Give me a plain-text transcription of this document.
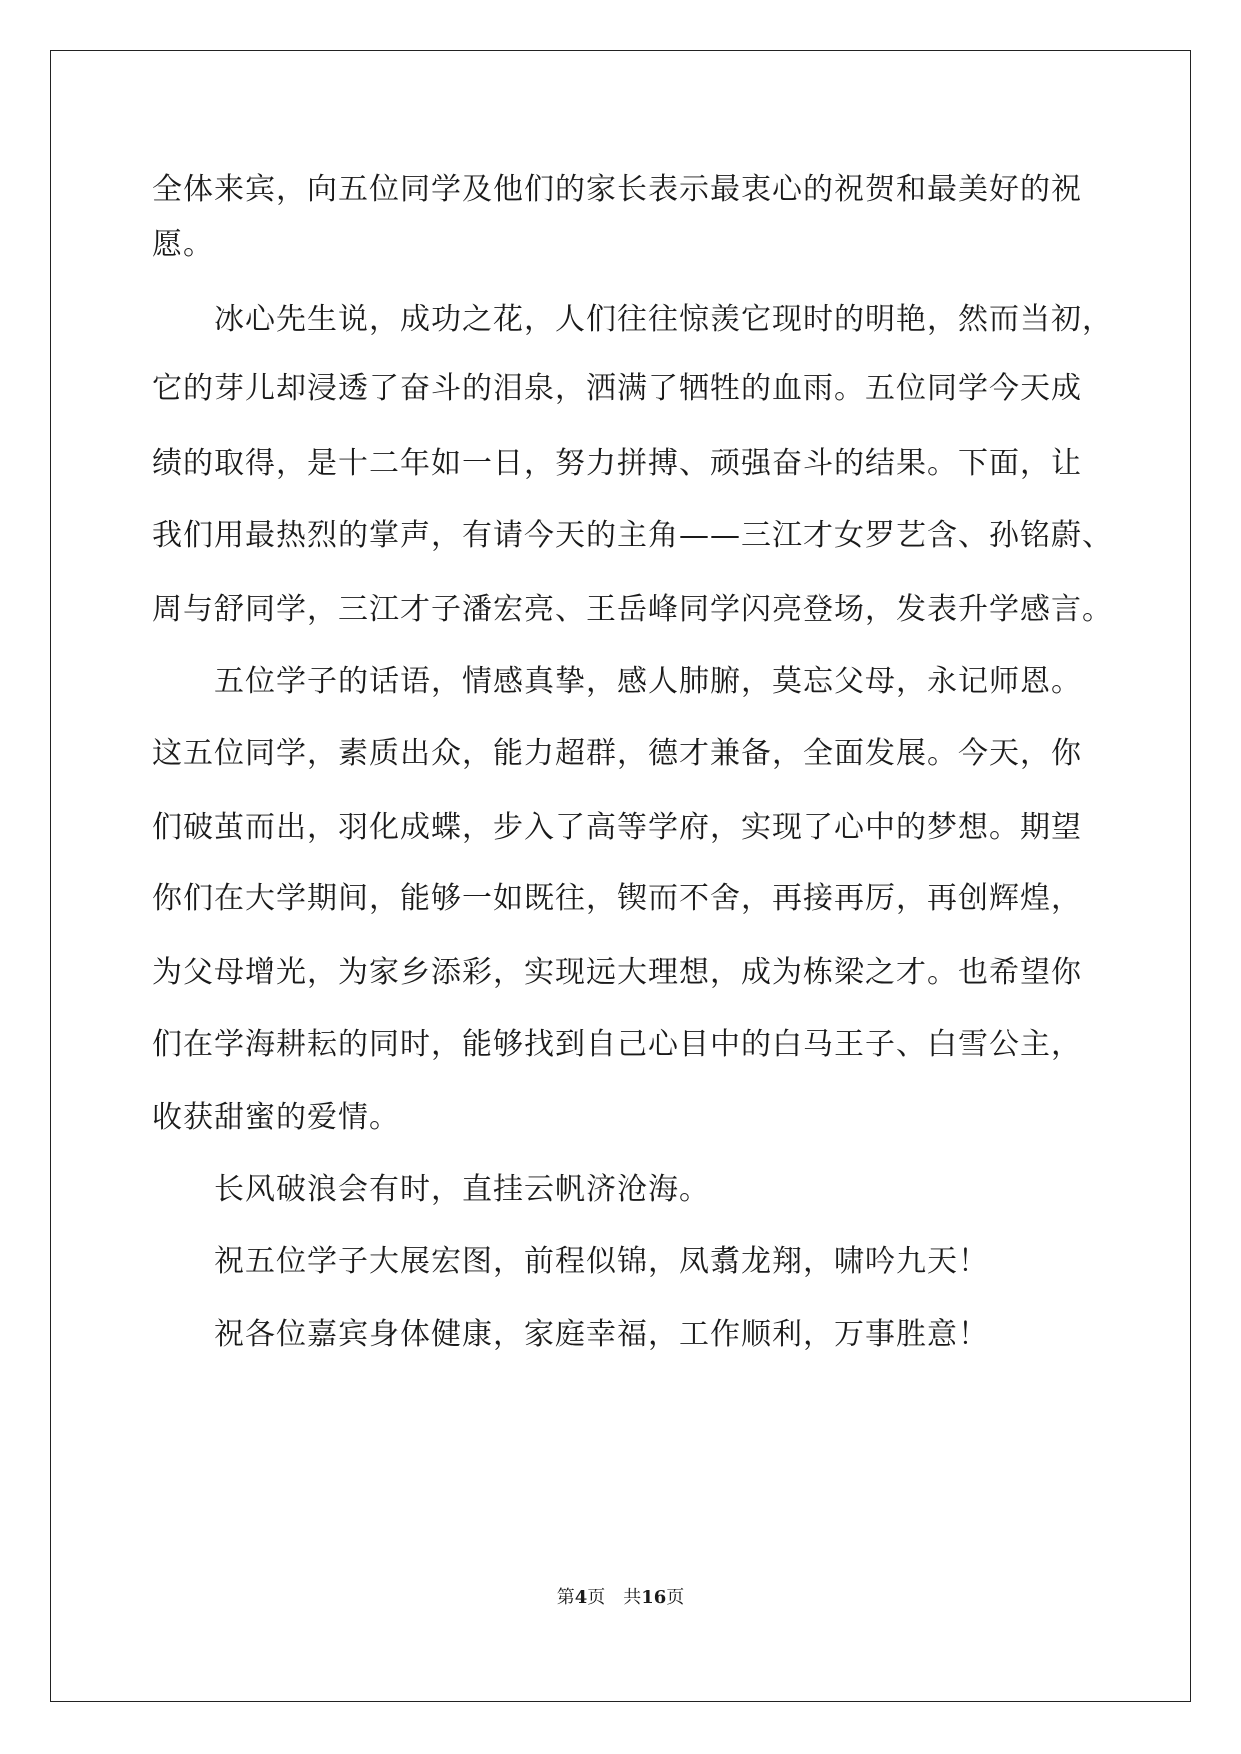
全体来宾，向五位同学及他们的家长表示最衷心的祝贺和最美好的祝
愿。
冰心先生说，成功之花，人们往往惊羡它现时的明艳，然而当初，
它的芽儿却浸透了奋斗的泪泉，洒满了牺牲的血雨。五位同学今天成
绩的取得，是十二年如一日，努力拼搏、顽强奋斗的结果。下面，让
我们用最热烈的掌声，有请今天的主角——三江才女罗艺含、孙铭蔚、
周与舒同学，三江才子潘宏亮、王岳峰同学闪亮登场，发表升学感言。
五位学子的话语，情感真挚，感人肺腑，莫忘父母，永记师恩。
这五位同学，素质出众，能力超群，德才兼备，全面发展。今天，你
们破茧而出，羽化成蝶，步入了高等学府，实现了心中的梦想。期望
你们在大学期间，能够一如既往，锲而不舍，再接再厉，再创辉煌，
为父母增光，为家乡添彩，实现远大理想，成为栋梁之才。也希望你
们在学海耕耘的同时，能够找到自己心目中的白马王子、白雪公主，
收获甜蜜的爱情。
长风破浪会有时，直挂云帆济沧海。
祝五位学子大展宏图，前程似锦，凤翥龙翔，啸吟九天！
祝各位嘉宾身体健康，家庭幸福，工作顺利，万事胜意！
第4页　共16页
